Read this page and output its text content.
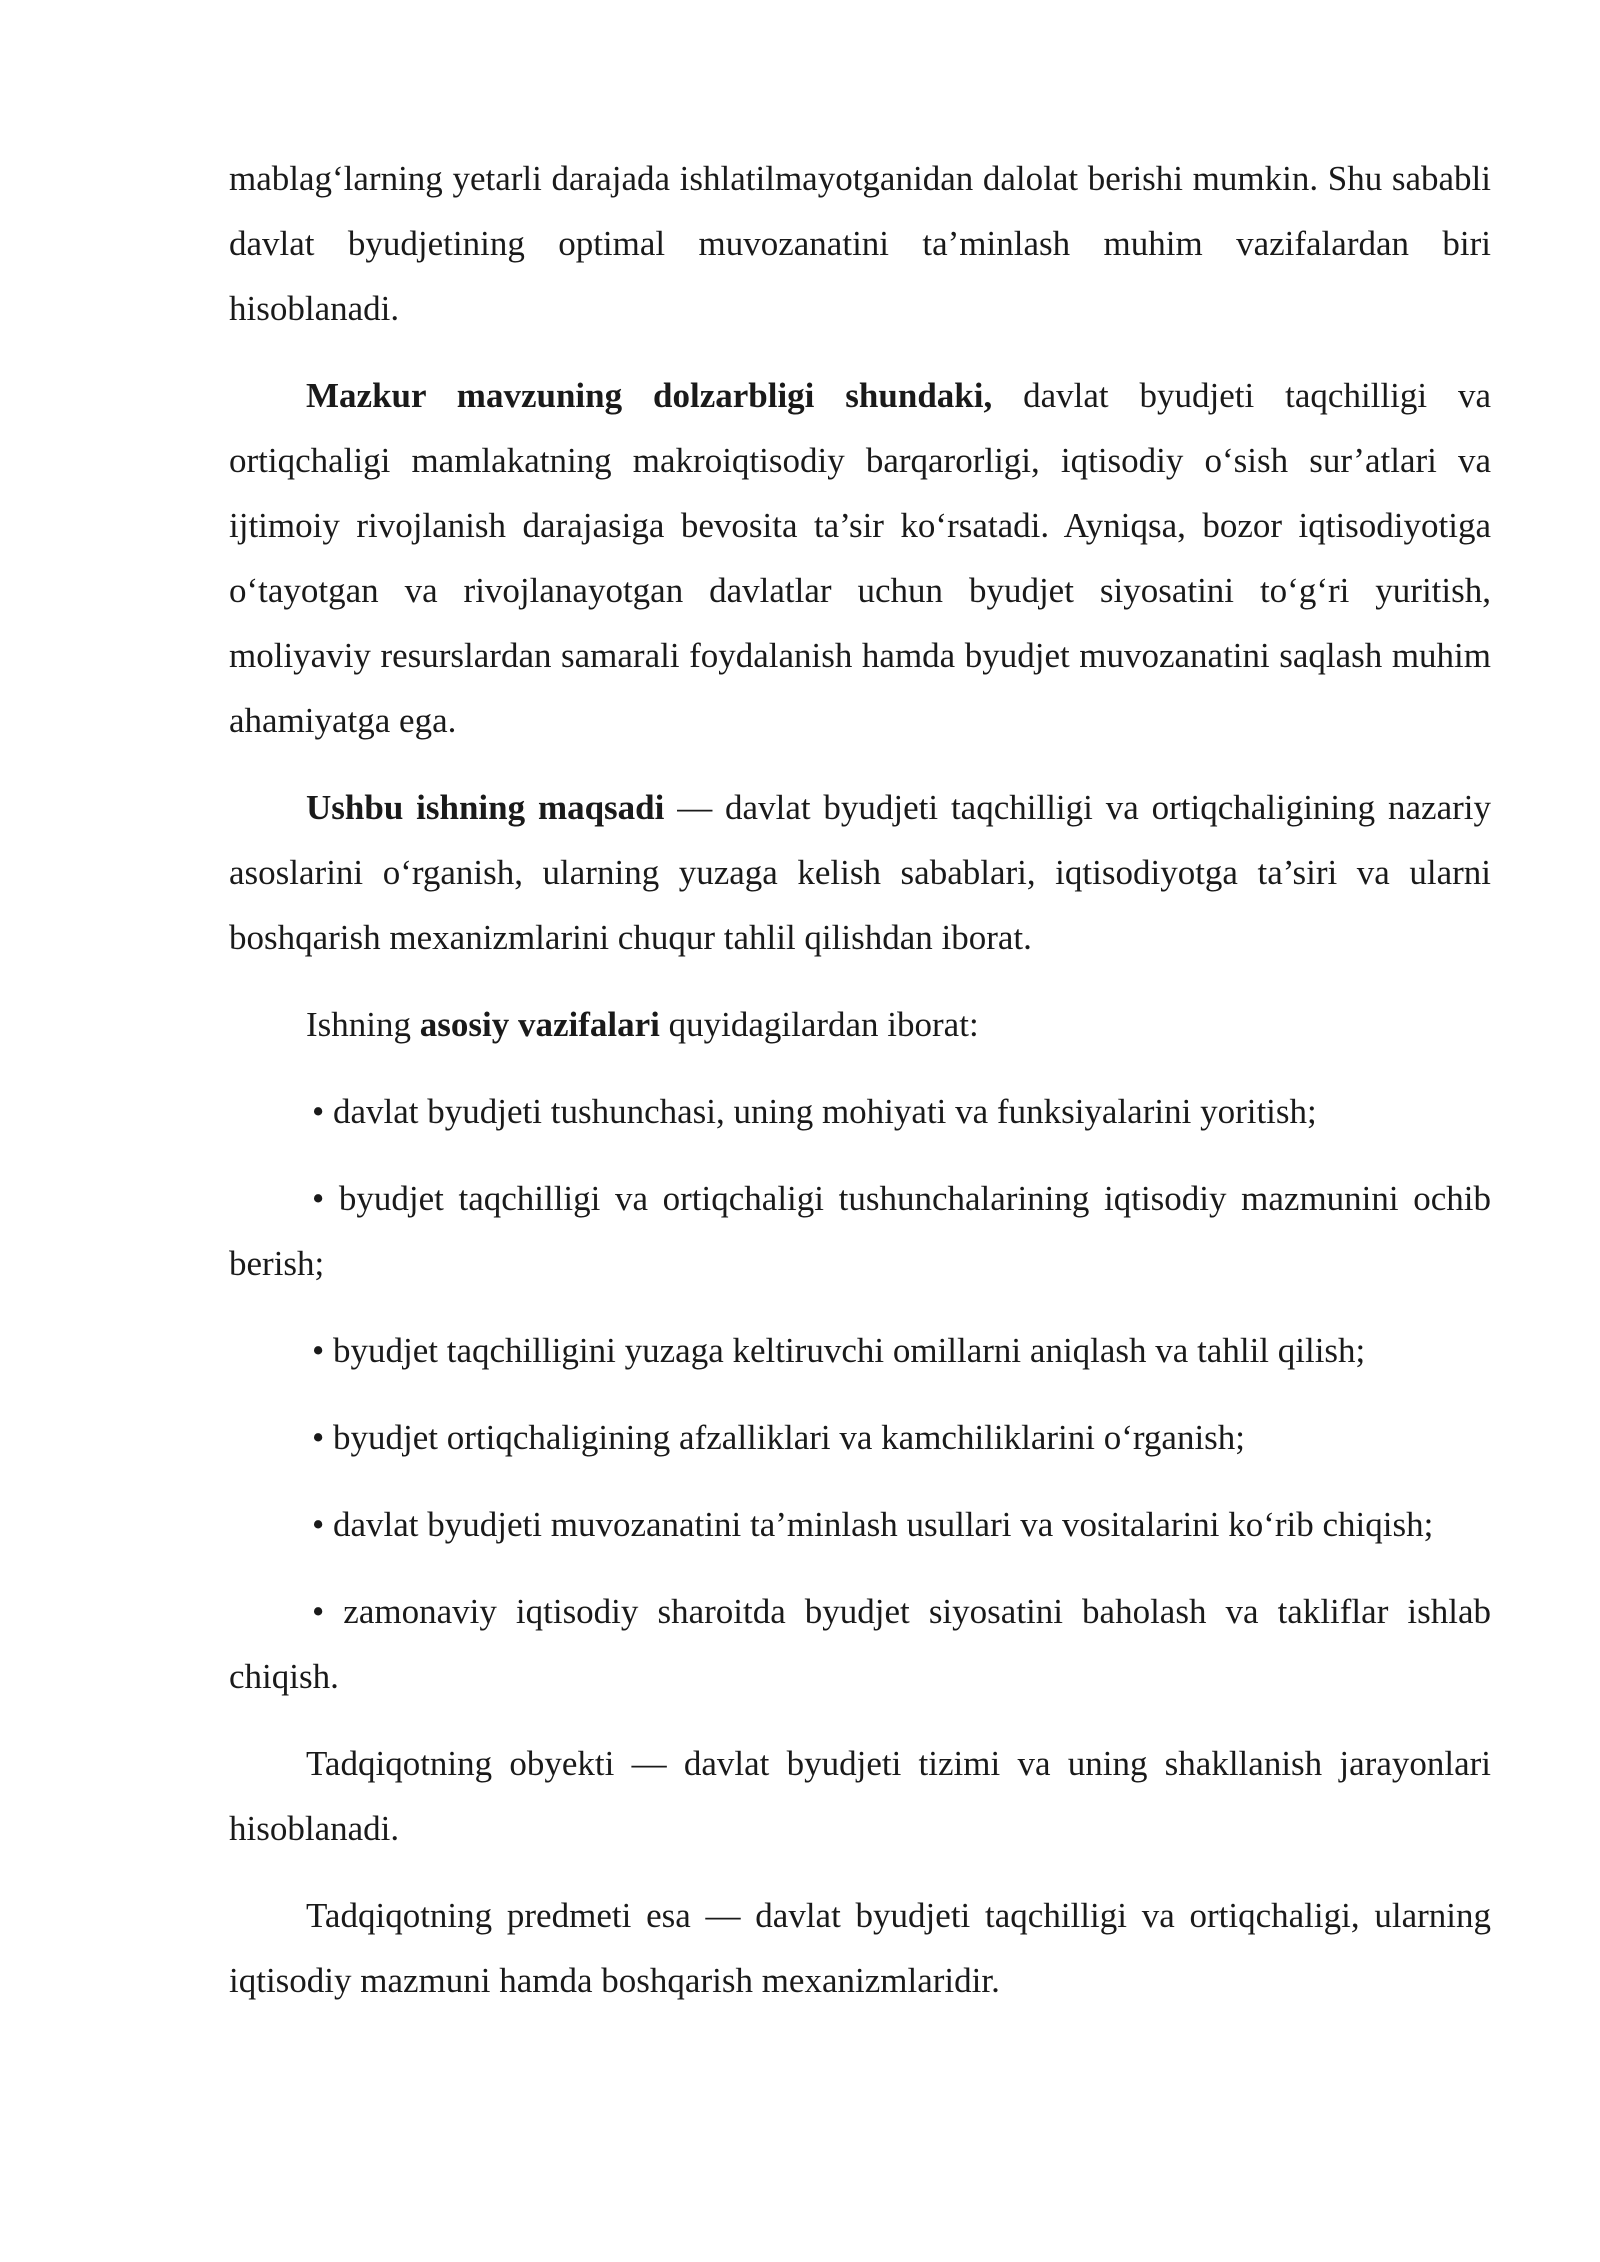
mablag‘larning yetarli darajada ishlatilmayotganidan dalolat berishi mumkin. Shu sababli davlat byudjetining optimal muvozanatini ta’minlash muhim vazifalardan biri hisoblanadi.

Mazkur mavzuning dolzarbligi shundaki, davlat byudjeti taqchilligi va ortiqchaligi mamlakatning makroiqtisodiy barqarorligi, iqtisodiy o‘sish sur’atlari va ijtimoiy rivojlanish darajasiga bevosita ta’sir ko‘rsatadi. Ayniqsa, bozor iqtisodiyotiga o‘tayotgan va rivojlanayotgan davlatlar uchun byudjet siyosatini to‘g‘ri yuritish, moliyaviy resurslardan samarali foydalanish hamda byudjet muvozanatini saqlash muhim ahamiyatga ega.

Ushbu ishning maqsadi — davlat byudjeti taqchilligi va ortiqchaligining nazariy asoslarini o‘rganish, ularning yuzaga kelish sabablari, iqtisodiyotga ta’siri va ularni boshqarish mexanizmlarini chuqur tahlil qilishdan iborat.

Ishning asosiy vazifalari quyidagilardan iborat:

• davlat byudjeti tushunchasi, uning mohiyati va funksiyalarini yoritish;

• byudjet taqchilligi va ortiqchaligi tushunchalarining iqtisodiy mazmunini ochib berish;

• byudjet taqchilligini yuzaga keltiruvchi omillarni aniqlash va tahlil qilish;

• byudjet ortiqchaligining afzalliklari va kamchiliklarini o‘rganish;

• davlat byudjeti muvozanatini ta’minlash usullari va vositalarini ko‘rib chiqish;

• zamonaviy iqtisodiy sharoitda byudjet siyosatini baholash va takliflar ishlab chiqish.

Tadqiqotning obyekti — davlat byudjeti tizimi va uning shakllanish jarayonlari hisoblanadi.

Tadqiqotning predmeti esa — davlat byudjeti taqchilligi va ortiqchaligi, ularning iqtisodiy mazmuni hamda boshqarish mexanizmlaridir.
